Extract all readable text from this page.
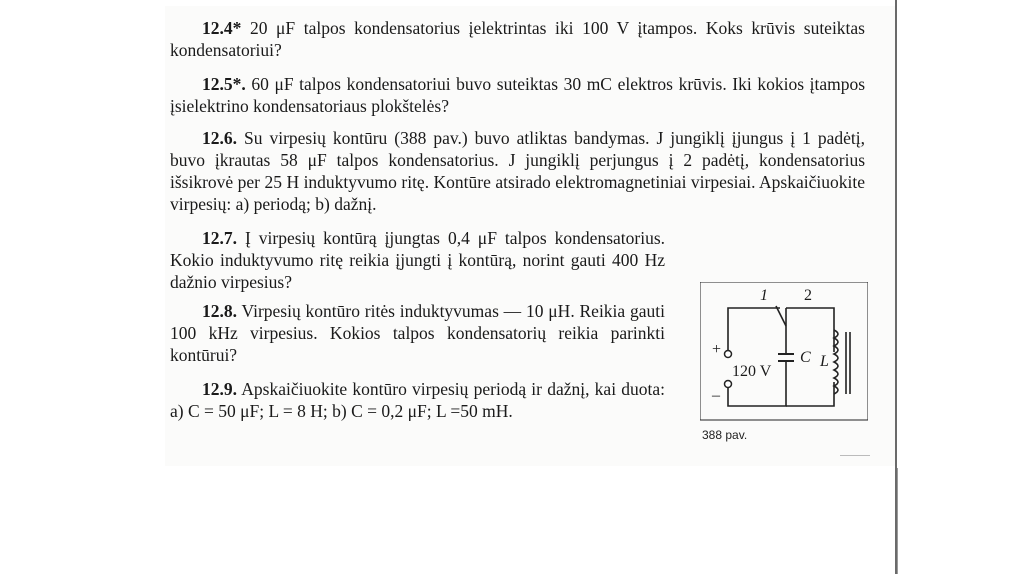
12.4* 20 μF talpos kondensatorius įelektrintas iki 100 V įtampos. Koks krūvis suteiktas kondensatoriui?

12.5*. 60 μF talpos kondensatoriui buvo suteiktas 30 mC elektros krūvis. Iki kokios įtampos įsielektrino kondensatoriaus plokštelės?

12.6. Su virpesių kontūru (388 pav.) buvo atliktas bandymas. J jungiklį įjungus į 1 padėtį, buvo įkrautas 58 μF talpos kondensatorius. J jungiklį perjungus į 2 padėtį, kondensatorius išsikrovė per 25 H induktyvumo ritę. Kontūre atsirado elektromagnetiniai virpesiai. Apskaičiuokite virpesių: a) periodą; b) dažnį.

12.7. Į virpesių kontūrą įjungtas 0,4 μF talpos kondensatorius. Kokio induktyvumo ritę reikia įjungti į kontūrą, norint gauti 400 Hz dažnio virpesius?

12.8. Virpesių kontūro ritės induktyvumas — 10 μH. Reikia gauti 100 kHz virpesius. Kokios talpos kondensatorių reikia parinkti kontūrui?

12.9. Apskaičiuokite kontūro virpesių periodą ir dažnį, kai duota: a) C = 50 μF; L = 8 H; b) C = 0,2 μF; L =50 mH.

1 2
+
–
120 V
C L
388 pav.
